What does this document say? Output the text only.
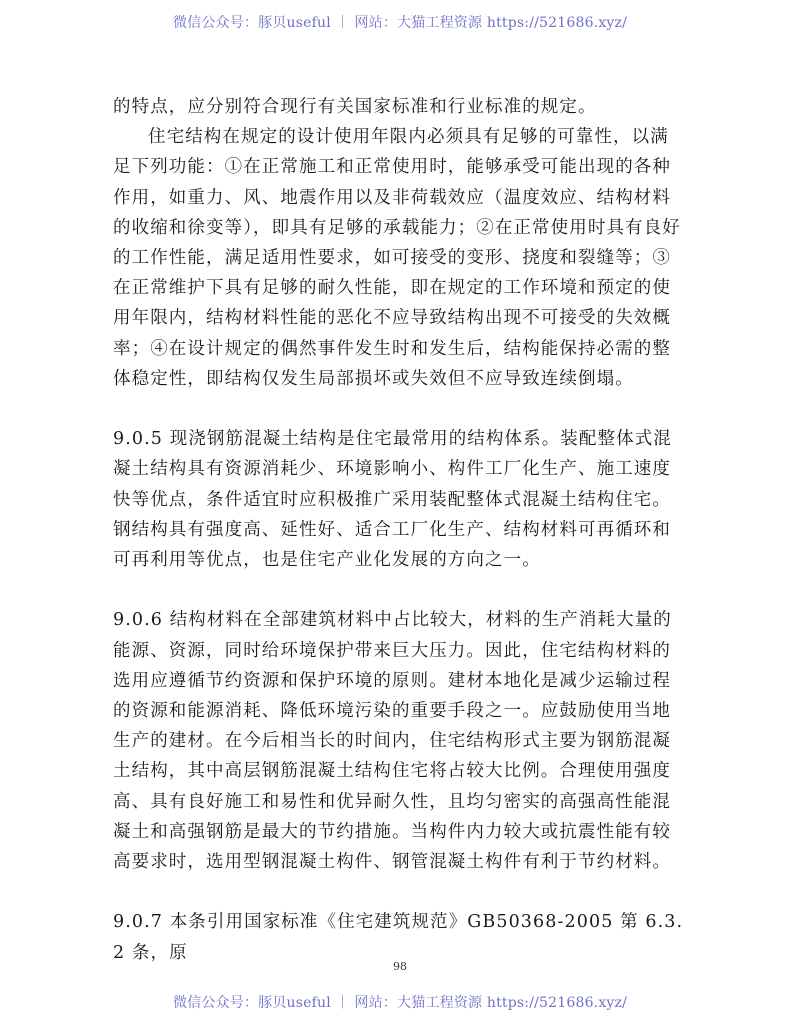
微信公众号：豚贝useful ｜ 网站：大猫工程资源 https://521686.xyz/

的特点，应分别符合现行有关国家标准和行业标准的规定。

住宅结构在规定的设计使用年限内必须具有足够的可靠性，以满足下列功能：①在正常施工和正常使用时，能够承受可能出现的各种作用，如重力、风、地震作用以及非荷载效应（温度效应、结构材料的收缩和徐变等），即具有足够的承载能力；②在正常使用时具有良好的工作性能，满足适用性要求，如可接受的变形、挠度和裂缝等；③在正常维护下具有足够的耐久性能，即在规定的工作环境和预定的使用年限内，结构材料性能的恶化不应导致结构出现不可接受的失效概率；④在设计规定的偶然事件发生时和发生后，结构能保持必需的整体稳定性，即结构仅发生局部损坏或失效但不应导致连续倒塌。

9.0.5 现浇钢筋混凝土结构是住宅最常用的结构体系。装配整体式混凝土结构具有资源消耗少、环境影响小、构件工厂化生产、施工速度快等优点，条件适宜时应积极推广采用装配整体式混凝土结构住宅。钢结构具有强度高、延性好、适合工厂化生产、结构材料可再循环和可再利用等优点，也是住宅产业化发展的方向之一。

9.0.6 结构材料在全部建筑材料中占比较大，材料的生产消耗大量的能源、资源，同时给环境保护带来巨大压力。因此，住宅结构材料的选用应遵循节约资源和保护环境的原则。建材本地化是减少运输过程的资源和能源消耗、降低环境污染的重要手段之一。应鼓励使用当地生产的建材。在今后相当长的时间内，住宅结构形式主要为钢筋混凝土结构，其中高层钢筋混凝土结构住宅将占较大比例。合理使用强度高、具有良好施工和易性和优异耐久性，且均匀密实的高强高性能混凝土和高强钢筋是最大的节约措施。当构件内力较大或抗震性能有较高要求时，选用型钢混凝土构件、钢管混凝土构件有利于节约材料。

9.0.7 本条引用国家标准《住宅建筑规范》GB50368-2005 第 6.3.2 条，原

98
微信公众号：豚贝useful ｜ 网站：大猫工程资源 https://521686.xyz/
